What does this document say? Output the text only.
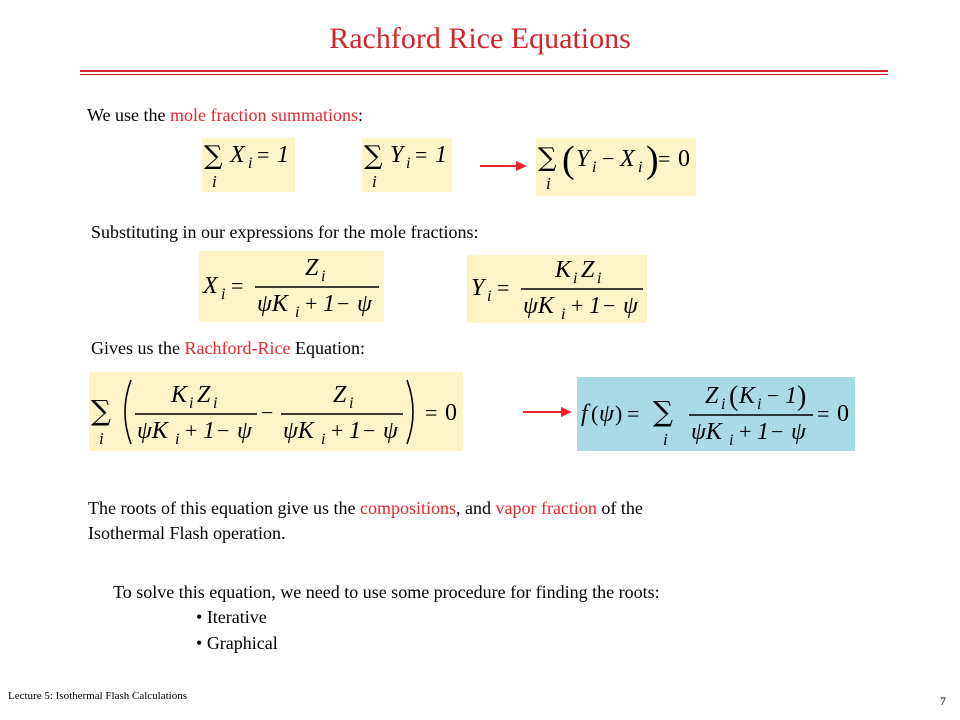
Rachford Rice Equations
We use the mole fraction summations:
∑
i
X i = 1	∑
i
Y i = 1	∑
i
( Y i − X i ) = 0
Substituting in our expressions for the mole fractions:
X i =
Z i
ψK i + 1 − ψ
Y i =
K i Z i
ψK i + 1 − ψ
Gives us the Rachford-Rice Equation:
∑
i
K i Z i
ψK i + 1 − ψ
−
Z i
ψK i + 1 − ψ
= 0	f ( ψ ) = ∑
i
Z i ( K i − 1 )
ψK i + 1 − ψ
= 0
The roots of this equation give us the compositions, and vapor fraction of the
Isothermal Flash operation.
To solve this equation, we need to use some procedure for finding the roots:
• Iterative
• Graphical
Lecture 5: Isothermal Flash Calculations	7
